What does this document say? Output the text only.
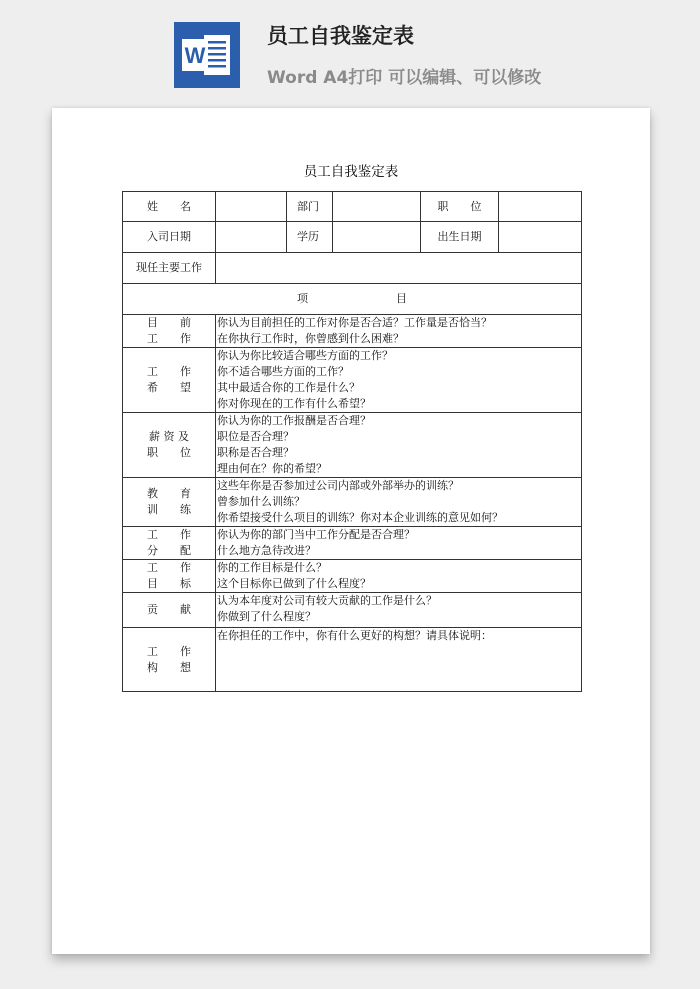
W
员工自我鉴定表
Word A4打印 可以编辑、可以修改
员工自我鉴定表
姓　　名		部门		职　　位	
入司日期		学历		出生日期	
现任主要工作					
项　　　　　　　　目					

目　　前
工　　作	你认为目前担任的工作对你是否合适？工作量是否恰当？
在你执行工作时，你曾感到什么困难？				

工　　作
希　　望	你认为你比较适合哪些方面的工作？
你不适合哪些方面的工作？
其中最适合你的工作是什么？
你对你现在的工作有什么希望？				

薪 资 及
职　　位	你认为你的工作报酬是否合理？
职位是否合理？
职称是否合理？
理由何在？你的希望？				

教　　育
训　　练	这些年你是否参加过公司内部或外部举办的训练？
曾参加什么训练？
你希望接受什么项目的训练？你对本企业训练的意见如何？				

工　　作
分　　配	你认为你的部门当中工作分配是否合理？
什么地方急待改进？				

工　　作
目　　标	你的工作目标是什么？
这个目标你已做到了什么程度？				

贡　　献	认为本年度对公司有较大贡献的工作是什么？
你做到了什么程度？				

工　　作
构　　想	在你担任的工作中，你有什么更好的构想？请具体说明：				
